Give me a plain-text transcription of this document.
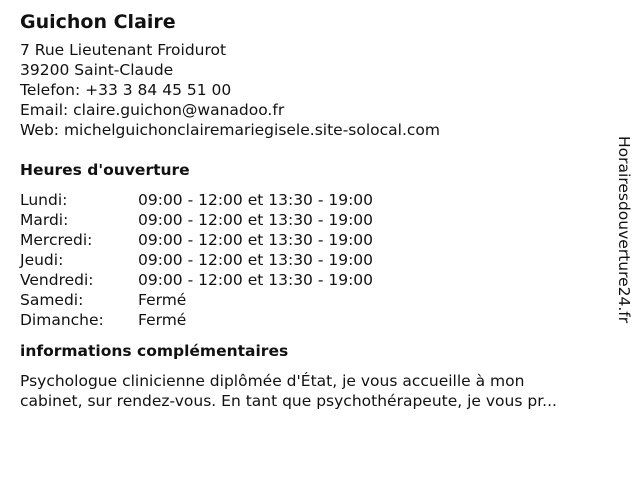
Guichon Claire
7 Rue Lieutenant Froidurot
39200 Saint-Claude
Telefon: +33 3 84 45 51 00
Email: claire.guichon@wanadoo.fr
Web: michelguichonclairemariegisele.site-solocal.com
Heures d'ouverture
Lundi:	09:00 - 12:00 et 13:30 - 19:00
Mardi:	09:00 - 12:00 et 13:30 - 19:00
Mercredi:	09:00 - 12:00 et 13:30 - 19:00
Jeudi:	09:00 - 12:00 et 13:30 - 19:00
Vendredi:	09:00 - 12:00 et 13:30 - 19:00
Samedi:	Fermé
Dimanche:	Fermé
informations complémentaires
Psychologue clinicienne diplômée d'État, je vous accueille à mon
cabinet, sur rendez-vous. En tant que psychothérapeute, je vous pr...
Horairesdouverture24.fr
